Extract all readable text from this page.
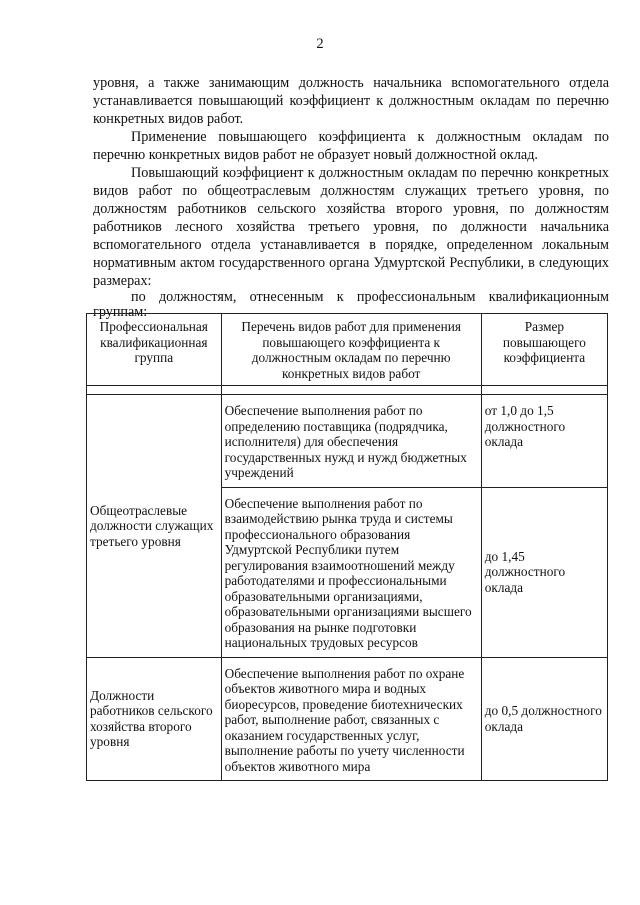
2

уровня, а также занимающим должность начальника вспомогательного отдела устанавливается повышающий коэффициент к должностным окладам по перечню конкретных видов работ.

Применение повышающего коэффициента к должностным окладам по перечню конкретных видов работ не образует новый должностной оклад.

Повышающий коэффициент к должностным окладам по перечню конкретных видов работ по общеотраслевым должностям служащих третьего уровня, по должностям работников сельского хозяйства второго уровня, по должностям работников лесного хозяйства третьего уровня, по должности начальника вспомогательного отдела устанавливается в порядке, определенном локальным нормативным актом государственного органа Удмуртской Республики, в следующих размерах:

по должностям, отнесенным к профессиональным квалификационным группам:

Профессиональная квалификационная группа	Перечень видов работ для применения повышающего коэффициента к должностным окладам по перечню конкретных видов работ	Размер повышающего коэффициента

Общеотраслевые должности служащих третьего уровня	Обеспечение выполнения работ по определению поставщика (подрядчика, исполнителя) для обеспечения государственных нужд и нужд бюджетных учреждений	от 1,0 до 1,5 должностного оклада
	Обеспечение выполнения работ по взаимодействию рынка труда и системы профессионального образования Удмуртской Республики путем регулирования взаимоотношений между работодателями и профессиональными образовательными организациями, образовательными организациями высшего образования на рынке подготовки национальных трудовых ресурсов	до 1,45 должностного оклада
Должности работников сельского хозяйства второго уровня	Обеспечение выполнения работ по охране объектов животного мира и водных биоресурсов, проведение биотехнических работ, выполнение работ, связанных с оказанием государственных услуг, выполнение работы по учету численности объектов животного мира	до 0,5 должностного оклада
